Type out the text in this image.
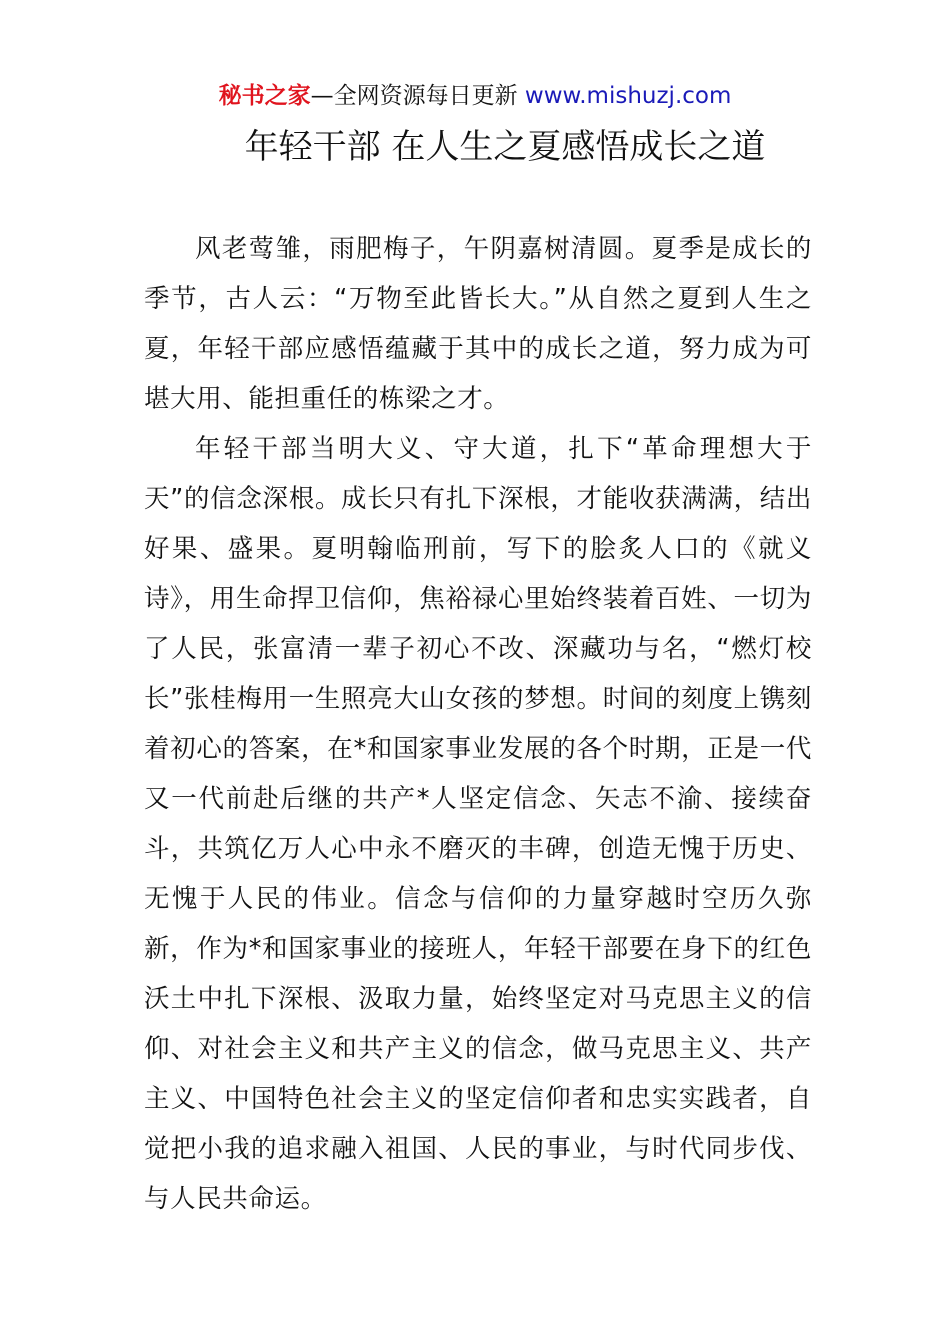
秘书之家—全网资源每日更新 www.mishuzj.com
年轻干部 在人生之夏感悟成长之道

风老莺雏，雨肥梅子，午阴嘉树清圆。夏季是成长的季节，古人云：“万物至此皆长大。”从自然之夏到人生之夏，年轻干部应感悟蕴藏于其中的成长之道，努力成为可堪大用、能担重任的栋梁之才。

年轻干部当明大义、守大道，扎下“革命理想大于天”的信念深根。成长只有扎下深根，才能收获满满，结出好果、盛果。夏明翰临刑前，写下的脍炙人口的《就义诗》，用生命捍卫信仰，焦裕禄心里始终装着百姓、一切为了人民，张富清一辈子初心不改、深藏功与名，“燃灯校长”张桂梅用一生照亮大山女孩的梦想。时间的刻度上镌刻着初心的答案，在*和国家事业发展的各个时期，正是一代又一代前赴后继的共产*人坚定信念、矢志不渝、接续奋斗，共筑亿万人心中永不磨灭的丰碑，创造无愧于历史、无愧于人民的伟业。信念与信仰的力量穿越时空历久弥新，作为*和国家事业的接班人，年轻干部要在身下的红色沃土中扎下深根、汲取力量，始终坚定对马克思主义的信仰、对社会主义和共产主义的信念，做马克思主义、共产主义、中国特色社会主义的坚定信仰者和忠实实践者，自觉把小我的追求融入祖国、人民的事业，与时代同步伐、与人民共命运。
